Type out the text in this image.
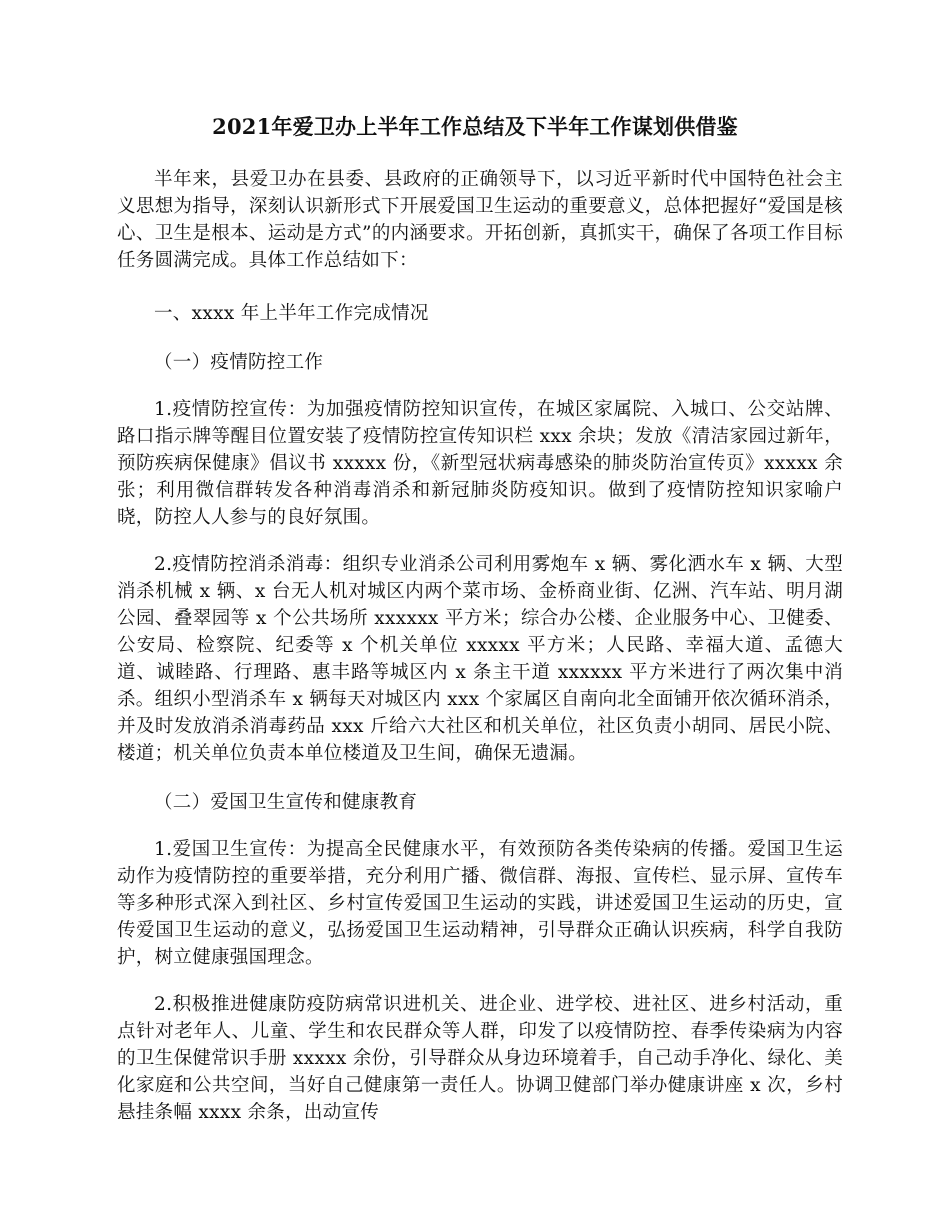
2021年爱卫办上半年工作总结及下半年工作谋划供借鉴

半年来，县爱卫办在县委、县政府的正确领导下，以习近平新时代中国特色社会主义思想为指导，深刻认识新形式下开展爱国卫生运动的重要意义，总体把握好“爱国是核心、卫生是根本、运动是方式”的内涵要求。开拓创新，真抓实干，确保了各项工作目标任务圆满完成。具体工作总结如下：

一、xxxx 年上半年工作完成情况

（一）疫情防控工作

1.疫情防控宣传：为加强疫情防控知识宣传，在城区家属院、入城口、公交站牌、路口指示牌等醒目位置安装了疫情防控宣传知识栏 xxx 余块；发放《清洁家园过新年，预防疾病保健康》倡议书 xxxxx 份，《新型冠状病毒感染的肺炎防治宣传页》xxxxx 余张；利用微信群转发各种消毒消杀和新冠肺炎防疫知识。做到了疫情防控知识家喻户晓，防控人人参与的良好氛围。

2.疫情防控消杀消毒：组织专业消杀公司利用雾炮车 x 辆、雾化洒水车 x 辆、大型消杀机械 x 辆、x 台无人机对城区内两个菜市场、金桥商业街、亿洲、汽车站、明月湖公园、叠翠园等 x 个公共场所 xxxxxx 平方米；综合办公楼、企业服务中心、卫健委、公安局、检察院、纪委等 x 个机关单位 xxxxx 平方米；人民路、幸福大道、孟德大道、诚睦路、行理路、惠丰路等城区内 x 条主干道 xxxxxx 平方米进行了两次集中消杀。组织小型消杀车 x 辆每天对城区内 xxx 个家属区自南向北全面铺开依次循环消杀，并及时发放消杀消毒药品 xxx 斤给六大社区和机关单位，社区负责小胡同、居民小院、楼道；机关单位负责本单位楼道及卫生间，确保无遗漏。

（二）爱国卫生宣传和健康教育

1.爱国卫生宣传：为提高全民健康水平，有效预防各类传染病的传播。爱国卫生运动作为疫情防控的重要举措，充分利用广播、微信群、海报、宣传栏、显示屏、宣传车等多种形式深入到社区、乡村宣传爱国卫生运动的实践，讲述爱国卫生运动的历史，宣传爱国卫生运动的意义，弘扬爱国卫生运动精神，引导群众正确认识疾病，科学自我防护，树立健康强国理念。

2.积极推进健康防疫防病常识进机关、进企业、进学校、进社区、进乡村活动，重点针对老年人、儿童、学生和农民群众等人群，印发了以疫情防控、春季传染病为内容的卫生保健常识手册 xxxxx 余份，引导群众从身边环境着手，自己动手净化、绿化、美化家庭和公共空间，当好自己健康第一责任人。协调卫健部门举办健康讲座 x 次，乡村悬挂条幅 xxxx 余条，出动宣传
